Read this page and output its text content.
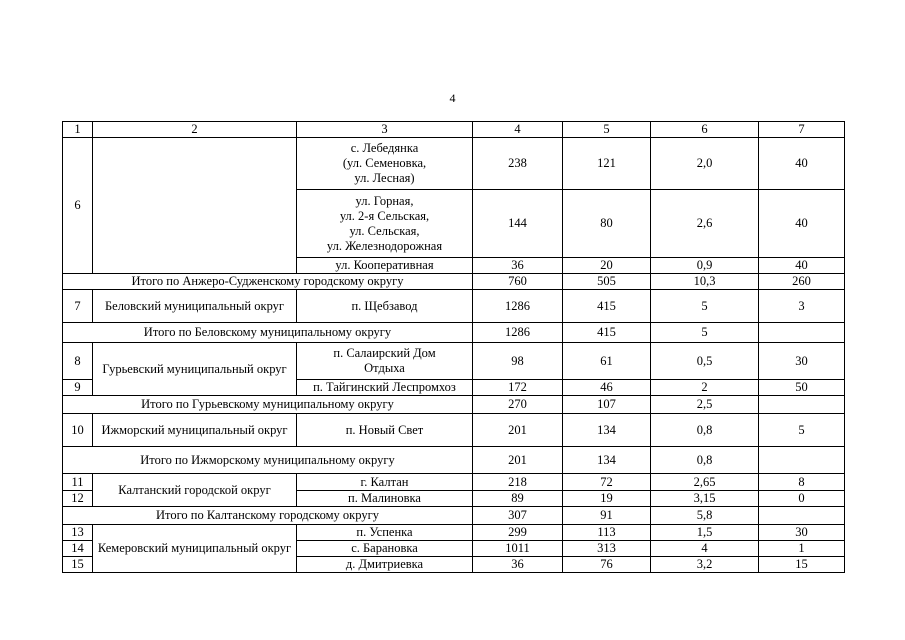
4
1	2	3	4	5	6	7
6		с. Лебедянка
(ул. Семеновка,
ул. Лесная)	238	121	2,0	40

		ул. Горная,
ул. 2-я Сельская,
ул. Сельская,
ул. Железнодорожная	144	80	2,6	40
		ул. Кооперативная	36	20	0,9	40
Итого по Анжеро-Судженскому городскому округу			760	505	10,3	260
7	Беловский муниципальный округ	п. Щебзавод	1286	415	5	3
Итого по Беловскому муниципальному округу			1286	415	5	
8	Гурьевский муниципальный округ	п. Салаирский Дом
Отдыха	98	61	0,5	30
9		п. Тайгинский Леспромхоз	172	46	2	50
Итого по Гурьевскому муниципальному округу			270	107	2,5	
10	Ижморский муниципальный округ	п. Новый Свет	201	134	0,8	5
Итого по Ижморскому муниципальному округу			201	134	0,8	
11	Калтанский городской округ	г. Калтан	218	72	2,65	8
12		п. Малиновка	89	19	3,15	0
Итого по Калтанскому городскому округу			307	91	5,8	
13	Кемеровский муниципальный округ	п. Успенка	299	113	1,5	30
14		с. Барановка	1011	313	4	1
15		д. Дмитриевка	36	76	3,2	15
